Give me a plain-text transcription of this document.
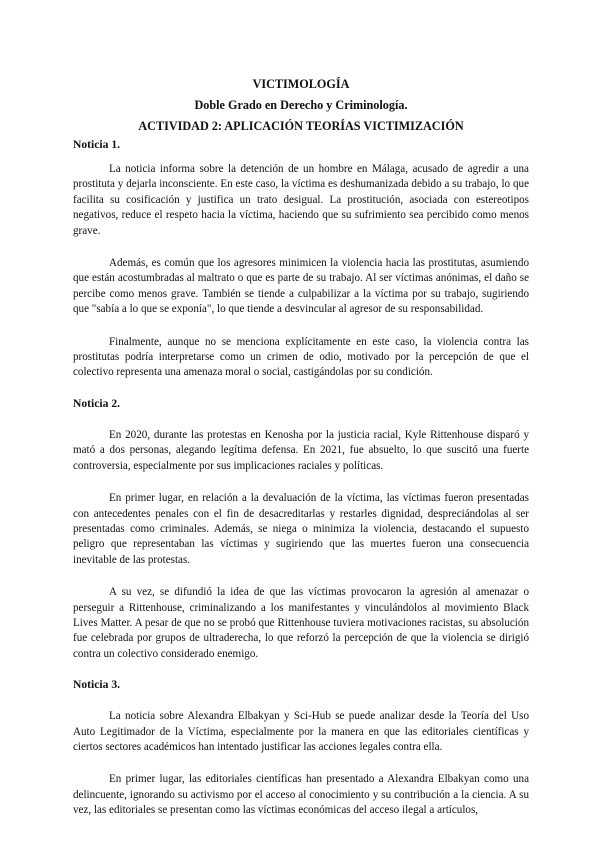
VICTIMOLOGÍA
Doble Grado en Derecho y Criminología.
ACTIVIDAD 2: APLICACIÓN TEORÍAS VICTIMIZACIÓN
Noticia 1.

La noticia informa sobre la detención de un hombre en Málaga, acusado de agredir a una prostituta y dejarla inconsciente. En este caso, la víctima es deshumanizada debido a su trabajo, lo que facilita su cosificación y justifica un trato desigual. La prostitución, asociada con estereotipos negativos, reduce el respeto hacia la víctima, haciendo que su sufrimiento sea percibido como menos grave.

Además, es común que los agresores minimicen la violencia hacia las prostitutas, asumiendo que están acostumbradas al maltrato o que es parte de su trabajo. Al ser víctimas anónimas, el daño se percibe como menos grave. También se tiende a culpabilizar a la víctima por su trabajo, sugiriendo que "sabía a lo que se exponía", lo que tiende a desvincular al agresor de su responsabilidad.

Finalmente, aunque no se menciona explícitamente en este caso, la violencia contra las prostitutas podría interpretarse como un crimen de odio, motivado por la percepción de que el colectivo representa una amenaza moral o social, castigándolas por su condición.

Noticia 2.

En 2020, durante las protestas en Kenosha por la justicia racial, Kyle Rittenhouse disparó y mató a dos personas, alegando legítima defensa. En 2021, fue absuelto, lo que suscitó una fuerte controversia, especialmente por sus implicaciones raciales y políticas.

En primer lugar, en relación a la devaluación de la víctima, las víctimas fueron presentadas con antecedentes penales con el fin de desacreditarlas y restarles dignidad, despreciándolas al ser presentadas como criminales. Además, se niega o minimiza la violencia, destacando el supuesto peligro que representaban las víctimas y sugiriendo que las muertes fueron una consecuencia inevitable de las protestas.

A su vez, se difundió la idea de que las víctimas provocaron la agresión al amenazar o perseguir a Rittenhouse, criminalizando a los manifestantes y vinculándolos al movimiento Black Lives Matter. A pesar de que no se probó que Rittenhouse tuviera motivaciones racistas, su absolución fue celebrada por grupos de ultraderecha, lo que reforzó la percepción de que la violencia se dirigió contra un colectivo considerado enemigo.

Noticia 3.

La noticia sobre Alexandra Elbakyan y Sci-Hub se puede analizar desde la Teoría del Uso Auto Legitimador de la Víctima, especialmente por la manera en que las editoriales científicas y ciertos sectores académicos han intentado justificar las acciones legales contra ella.

En primer lugar, las editoriales científicas han presentado a Alexandra Elbakyan como una delincuente, ignorando su activismo por el acceso al conocimiento y su contribución a la ciencia. A su vez, las editoriales se presentan como las víctimas económicas del acceso ilegal a artículos,
